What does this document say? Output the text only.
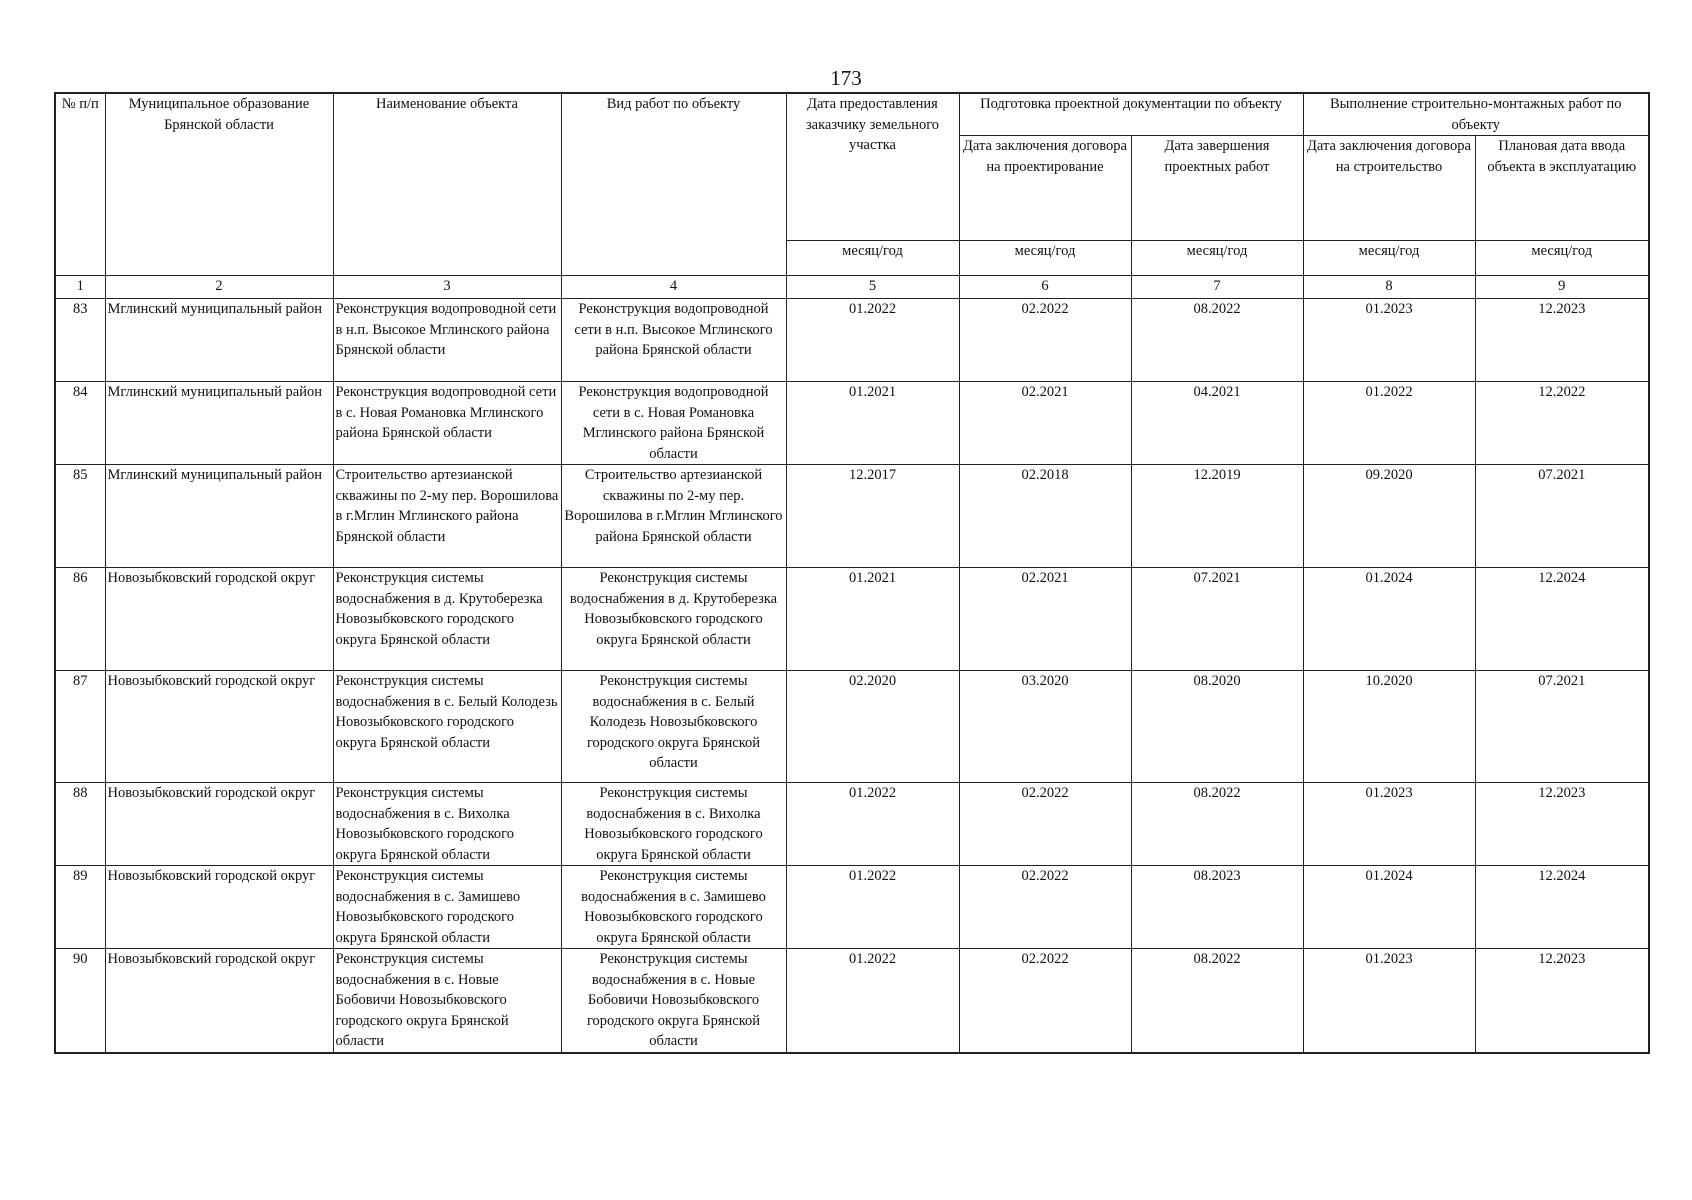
173
№ п/п	Муниципальное образование Брянской области	Наименование объекта	Вид работ по объекту	Дата предоставления заказчику земельного участка	Подготовка проектной документации по объекту		Выполнение строительно-монтажных работ по объекту	
					Дата заключения договора на проектирование	Дата завершения проектных работ	Дата заключения договора на строительство	Плановая дата ввода объекта в эксплуатацию
				месяц/год	месяц/год	месяц/год	месяц/год	месяц/год
1	2	3	4	5	6	7	8	9
83	Мглинский муниципальный район	Реконструкция водопроводной сети в н.п. Высокое Мглинского района Брянской области	Реконструкция водопроводной сети в н.п. Высокое Мглинского района Брянской области	01.2022	02.2022	08.2022	01.2023	12.2023
84	Мглинский муниципальный район	Реконструкция водопроводной сети в с. Новая Романовка Мглинского района Брянской области	Реконструкция водопроводной сети в с. Новая Романовка Мглинского района Брянской области	01.2021	02.2021	04.2021	01.2022	12.2022
85	Мглинский муниципальный район	Строительство артезианской скважины по 2-му пер. Ворошилова в г.Мглин Мглинского района Брянской области	Строительство артезианской скважины по 2-му пер. Ворошилова в г.Мглин Мглинского района Брянской области	12.2017	02.2018	12.2019	09.2020	07.2021
86	Новозыбковский городской округ	Реконструкция системы водоснабжения в д. Крутоберезка Новозыбковского городского округа Брянской области	Реконструкция системы водоснабжения в д. Крутоберезка Новозыбковского городского округа Брянской области	01.2021	02.2021	07.2021	01.2024	12.2024
87	Новозыбковский городской округ	Реконструкция системы водоснабжения в с. Белый Колодезь Новозыбковского городского округа Брянской области	Реконструкция системы водоснабжения в с. Белый Колодезь Новозыбковского городского округа Брянской области	02.2020	03.2020	08.2020	10.2020	07.2021
88	Новозыбковский городской округ	Реконструкция системы водоснабжения в с. Вихолка Новозыбковского городского округа Брянской области	Реконструкция системы водоснабжения в с. Вихолка Новозыбковского городского округа Брянской области	01.2022	02.2022	08.2022	01.2023	12.2023
89	Новозыбковский городской округ	Реконструкция системы водоснабжения в с. Замишево Новозыбковского городского округа Брянской области	Реконструкция системы водоснабжения в с. Замишево Новозыбковского городского округа Брянской области	01.2022	02.2022	08.2023	01.2024	12.2024
90	Новозыбковский городской округ	Реконструкция системы водоснабжения в с. Новые Бобовичи Новозыбковского городского округа Брянской области	Реконструкция системы водоснабжения в с. Новые Бобовичи Новозыбковского городского округа Брянской области	01.2022	02.2022	08.2022	01.2023	12.2023
